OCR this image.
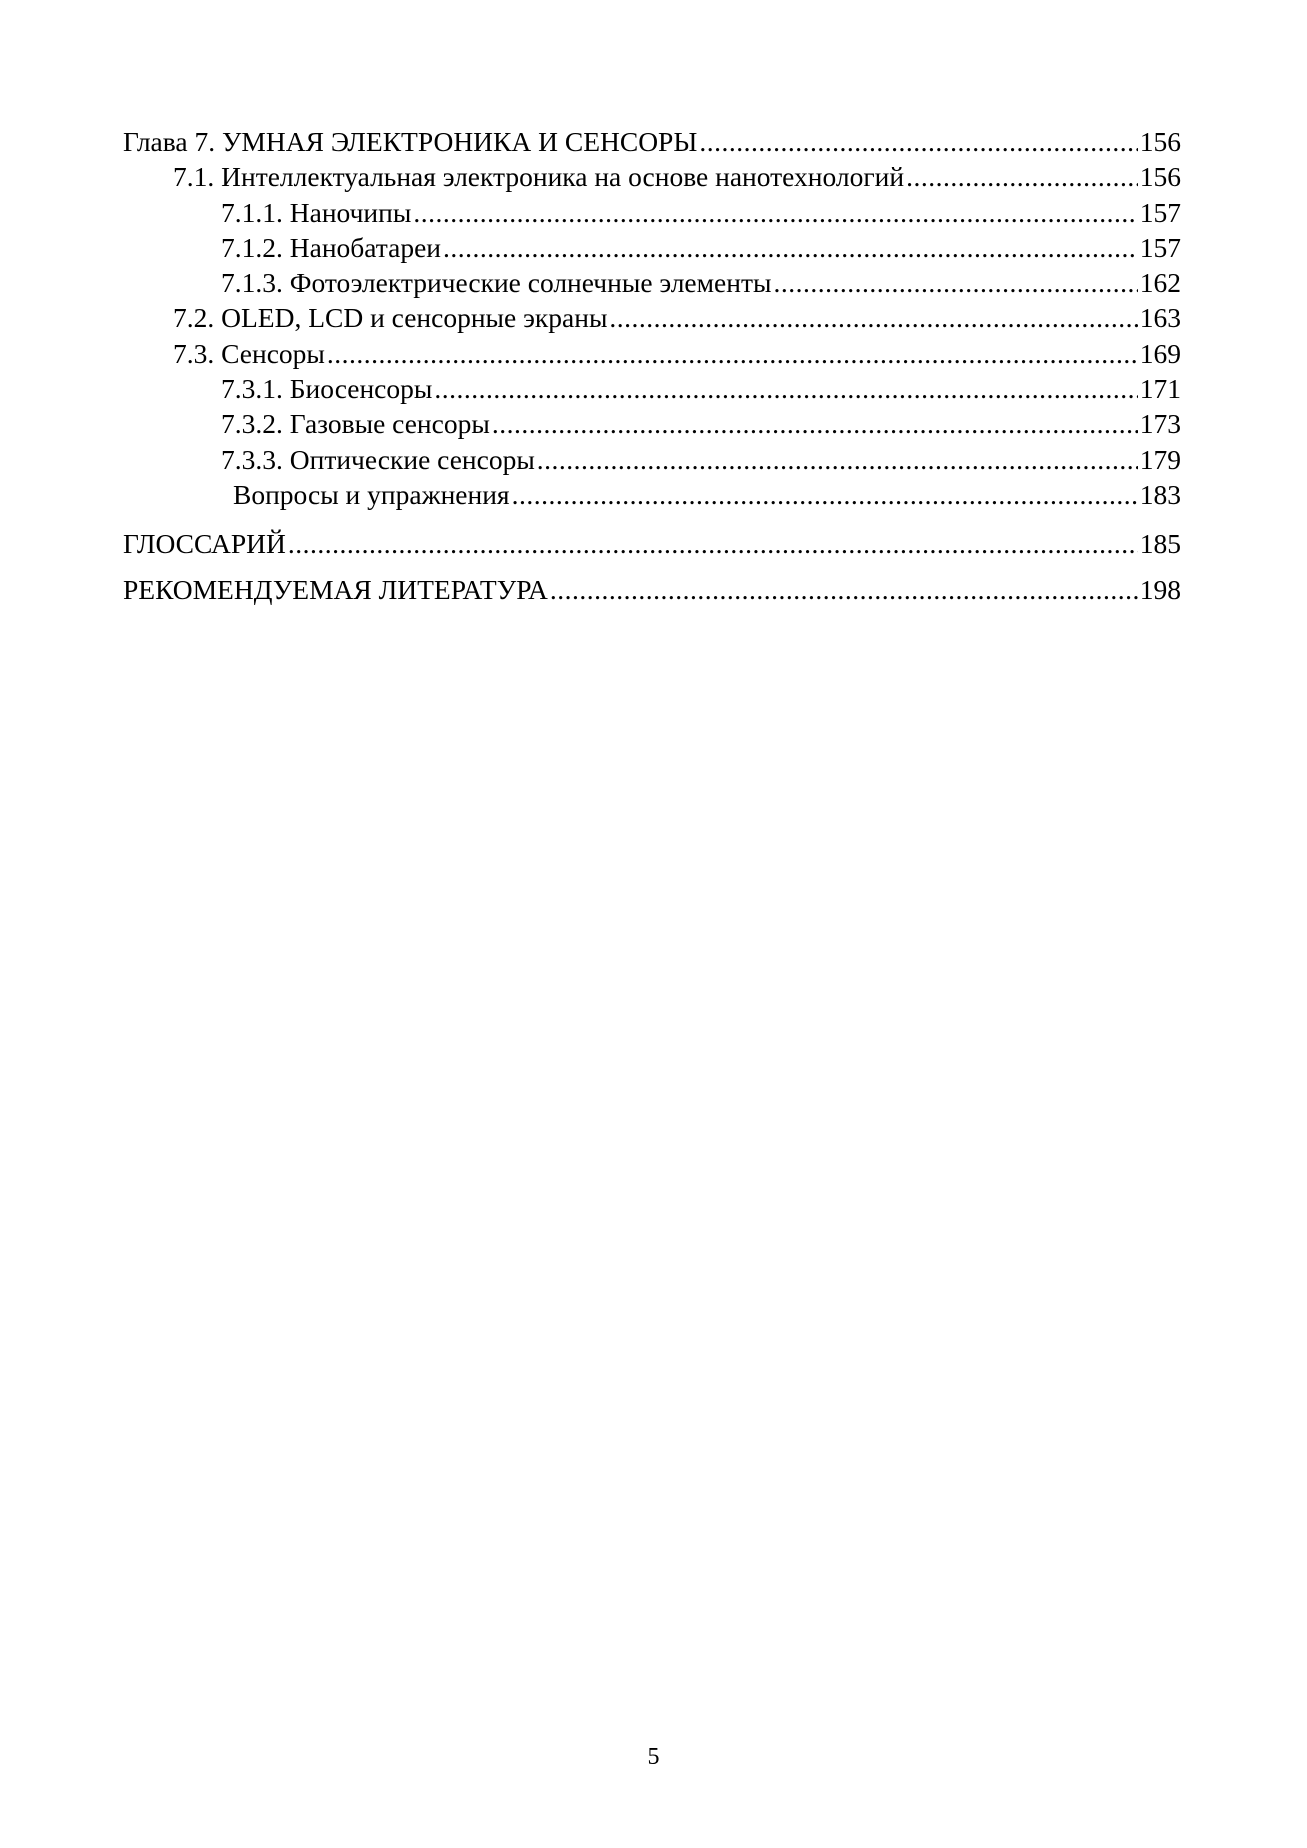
Глава 7. УМНАЯ ЭЛЕКТРОНИКА И СЕНСОРЫ .....	156
7.1. Интеллектуальная электроника на основе нанотехнологий .....	156
7.1.1. Наночипы .....	157
7.1.2. Нанобатареи .....	157
7.1.3. Фотоэлектрические солнечные элементы .....	162
7.2. OLED, LCD и сенсорные экраны .....	163
7.3. Сенсоры .....	169
7.3.1. Биосенсоры .....	171
7.3.2. Газовые сенсоры .....	173
7.3.3. Оптические сенсоры .....	179
Вопросы и упражнения .....	183
ГЛОССАРИЙ .....	185
РЕКОМЕНДУЕМАЯ ЛИТЕРАТУРА .....	198
5
